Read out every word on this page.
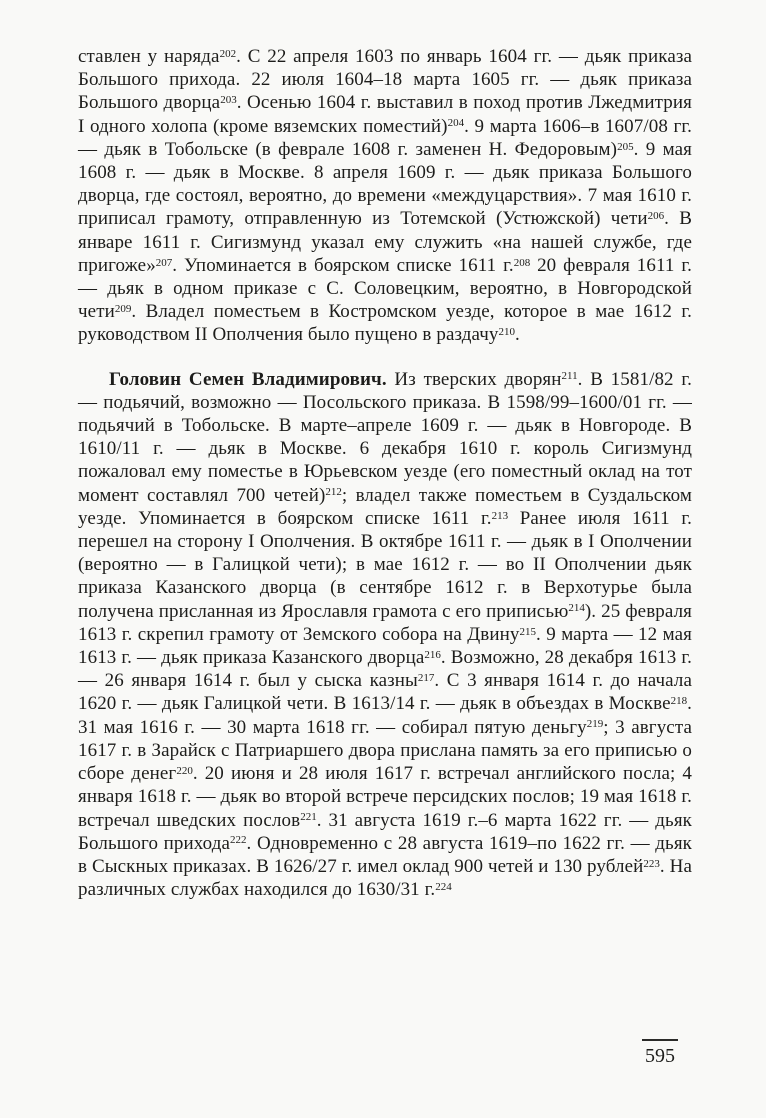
ставлен у наряда$^{202}$. С 22 апреля 1603 по январь 1604 гг. — дьяк приказа Большого прихода. 22 июля 1604–18 марта 1605 гг. — дьяк приказа Большого дворца$^{203}$. Осенью 1604 г. выставил в поход против Лжедмитрия I одного холопа (кроме вяземских поместий)$^{204}$. 9 марта 1606–в 1607/08 гг. — дьяк в Тобольске (в феврале 1608 г. заменен Н. Федоровым)$^{205}$. 9 мая 1608 г. — дьяк в Москве. 8 апреля 1609 г. — дьяк приказа Большого дворца, где состоял, вероятно, до времени «междуцарствия». 7 мая 1610 г. приписал грамоту, отправленную из Тотемской (Устюжской) чети$^{206}$. В январе 1611 г. Сигизмунд указал ему служить «на нашей службе, где пригоже»$^{207}$. Упоминается в боярском списке 1611 г.$^{208}$ 20 февраля 1611 г. — дьяк в одном приказе с С. Соловецким, вероятно, в Новгородской чети$^{209}$. Владел поместьем в Костромском уезде, которое в мае 1612 г. руководством II Ополчения было пущено в раздачу$^{210}$.

Головин Семен Владимирович. Из тверских дворян$^{211}$. В 1581/82 г. — подьячий, возможно — Посольского приказа. В 1598/99–1600/01 гг. — подьячий в Тобольске. В марте–апреле 1609 г. — дьяк в Новгороде. В 1610/11 г. — дьяк в Москве. 6 декабря 1610 г. король Сигизмунд пожаловал ему поместье в Юрьевском уезде (его поместный оклад на тот момент составлял 700 четей)$^{212}$; владел также поместьем в Суздальском уезде. Упоминается в боярском списке 1611 г.$^{213}$ Ранее июля 1611 г. перешел на сторону I Ополчения. В октябре 1611 г. — дьяк в I Ополчении (вероятно — в Галицкой чети); в мае 1612 г. — во II Ополчении дьяк приказа Казанского дворца (в сентябре 1612 г. в Верхотурье была получена присланная из Ярославля грамота с его приписью$^{214}$). 25 февраля 1613 г. скрепил грамоту от Земского собора на Двину$^{215}$. 9 марта — 12 мая 1613 г. — дьяк приказа Казанского дворца$^{216}$. Возможно, 28 декабря 1613 г. — 26 января 1614 г. был у сыска казны$^{217}$. С 3 января 1614 г. до начала 1620 г. — дьяк Галицкой чети. В 1613/14 г. — дьяк в объездах в Москве$^{218}$. 31 мая 1616 г. — 30 марта 1618 гг. — собирал пятую деньгу$^{219}$; 3 августа 1617 г. в Зарайск с Патриаршего двора прислана память за его приписью о сборе денег$^{220}$. 20 июня и 28 июля 1617 г. встречал английского посла; 4 января 1618 г. — дьяк во второй встрече персидских послов; 19 мая 1618 г. встречал шведских послов$^{221}$. 31 августа 1619 г.–6 марта 1622 гг. — дьяк Большого прихода$^{222}$. Одновременно с 28 августа 1619–по 1622 гг. — дьяк в Сыскных приказах. В 1626/27 г. имел оклад 900 четей и 130 рублей$^{223}$. На различных службах находился до 1630/31 г.$^{224}$

595
